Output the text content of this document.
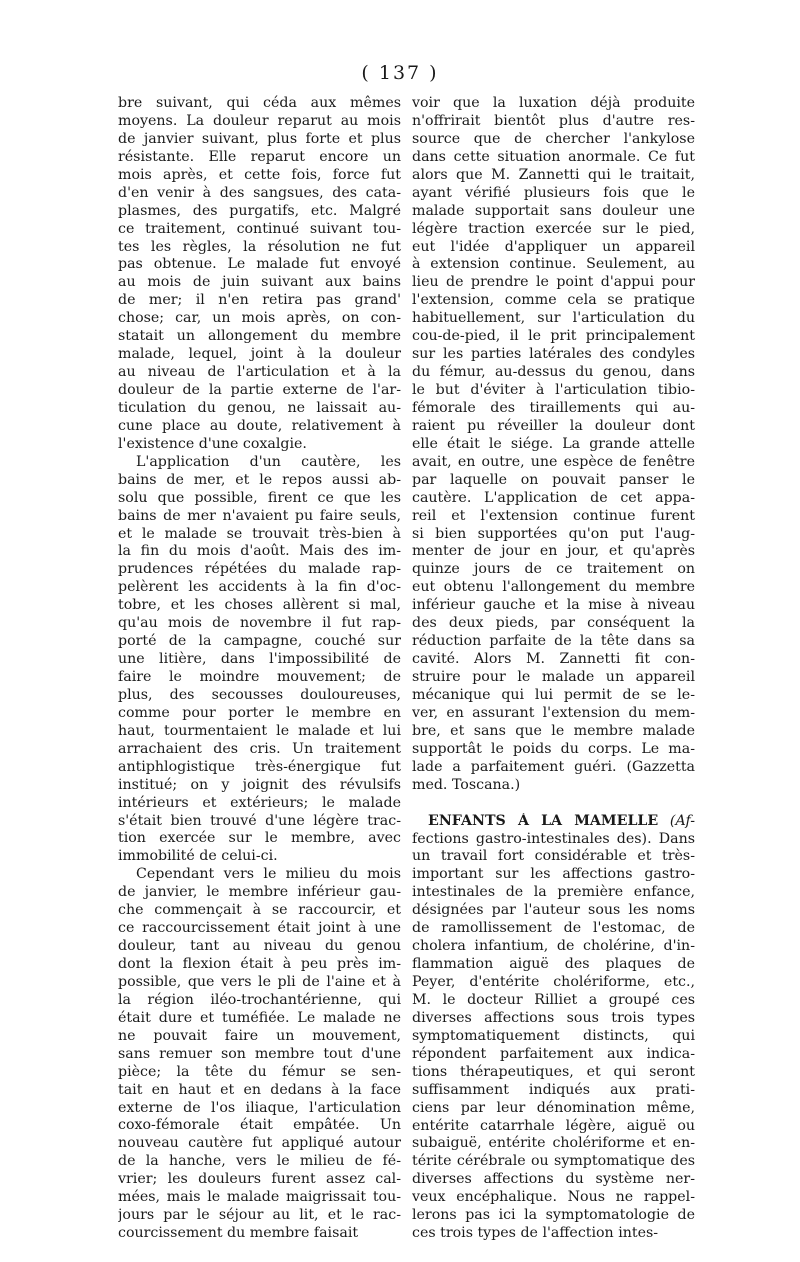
( 137 )
bre suivant, qui céda aux mêmes
moyens. La douleur reparut au mois
de janvier suivant, plus forte et plus
résistante. Elle reparut encore un
mois après, et cette fois, force fut
d'en venir à des sangsues, des cata-
plasmes, des purgatifs, etc. Malgré
ce traitement, continué suivant tou-
tes les règles, la résolution ne fut
pas obtenue. Le malade fut envoyé
au mois de juin suivant aux bains
de mer; il n'en retira pas grand'
chose; car, un mois après, on con-
statait un allongement du membre
malade, lequel, joint à la douleur
au niveau de l'articulation et à la
douleur de la partie externe de l'ar-
ticulation du genou, ne laissait au-
cune place au doute, relativement à
l'existence d'une coxalgie.
L'application d'un cautère, les
bains de mer, et le repos aussi ab-
solu que possible, firent ce que les
bains de mer n'avaient pu faire seuls,
et le malade se trouvait très-bien à
la fin du mois d'août. Mais des im-
prudences répétées du malade rap-
pelèrent les accidents à la fin d'oc-
tobre, et les choses allèrent si mal,
qu'au mois de novembre il fut rap-
porté de la campagne, couché sur
une litière, dans l'impossibilité de
faire le moindre mouvement; de
plus, des secousses douloureuses,
comme pour porter le membre en
haut, tourmentaient le malade et lui
arrachaient des cris. Un traitement
antiphlogistique très-énergique fut
institué; on y joignit des révulsifs
intérieurs et extérieurs; le malade
s'était bien trouvé d'une légère trac-
tion exercée sur le membre, avec
immobilité de celui-ci.
Cependant vers le milieu du mois
de janvier, le membre inférieur gau-
che commençait à se raccourcir, et
ce raccourcissement était joint à une
douleur, tant au niveau du genou
dont la flexion était à peu près im-
possible, que vers le pli de l'aine et à
la région iléo-trochantérienne, qui
était dure et tuméfiée. Le malade ne
ne pouvait faire un mouvement,
sans remuer son membre tout d'une
pièce; la tête du fémur se sen-
tait en haut et en dedans à la face
externe de l'os iliaque, l'articulation
coxo-fémorale était empâtée. Un
nouveau cautère fut appliqué autour
de la hanche, vers le milieu de fé-
vrier; les douleurs furent assez cal-
mées, mais le malade maigrissait tou-
jours par le séjour au lit, et le rac-
courcissement du membre faisait
voir que la luxation déjà produite
n'offrirait bientôt plus d'autre res-
source que de chercher l'ankylose
dans cette situation anormale. Ce fut
alors que M. Zannetti qui le traitait,
ayant vérifié plusieurs fois que le
malade supportait sans douleur une
légère traction exercée sur le pied,
eut l'idée d'appliquer un appareil
à extension continue. Seulement, au
lieu de prendre le point d'appui pour
l'extension, comme cela se pratique
habituellement, sur l'articulation du
cou-de-pied, il le prit principalement
sur les parties latérales des condyles
du fémur, au-dessus du genou, dans
le but d'éviter à l'articulation tibio-
fémorale des tiraillements qui au-
raient pu réveiller la douleur dont
elle était le siége. La grande attelle
avait, en outre, une espèce de fenêtre
par laquelle on pouvait panser le
cautère. L'application de cet appa-
reil et l'extension continue furent
si bien supportées qu'on put l'aug-
menter de jour en jour, et qu'après
quinze jours de ce traitement on
eut obtenu l'allongement du membre
inférieur gauche et la mise à niveau
des deux pieds, par conséquent la
réduction parfaite de la tête dans sa
cavité. Alors M. Zannetti fit con-
struire pour le malade un appareil
mécanique qui lui permit de se le-
ver, en assurant l'extension du mem-
bre, et sans que le membre malade
supportât le poids du corps. Le ma-
lade a parfaitement guéri. (Gazzetta
med. Toscana.)
ENFANTS À LA MAMELLE (Af-
fections gastro-intestinales des). Dans
un travail fort considérable et très-
important sur les affections gastro-
intestinales de la première enfance,
désignées par l'auteur sous les noms
de ramollissement de l'estomac, de
cholera infantium, de cholérine, d'in-
flammation aiguë des plaques de
Peyer, d'entérite cholériforme, etc.,
M. le docteur Rilliet a groupé ces
diverses affections sous trois types
symptomatiquement distincts, qui
répondent parfaitement aux indica-
tions thérapeutiques, et qui seront
suffisamment indiqués aux prati-
ciens par leur dénomination même,
entérite catarrhale légère, aiguë ou
subaiguë, entérite cholériforme et en-
térite cérébrale ou symptomatique des
diverses affections du système ner-
veux encéphalique. Nous ne rappel-
lerons pas ici la symptomatologie de
ces trois types de l'affection intes-
